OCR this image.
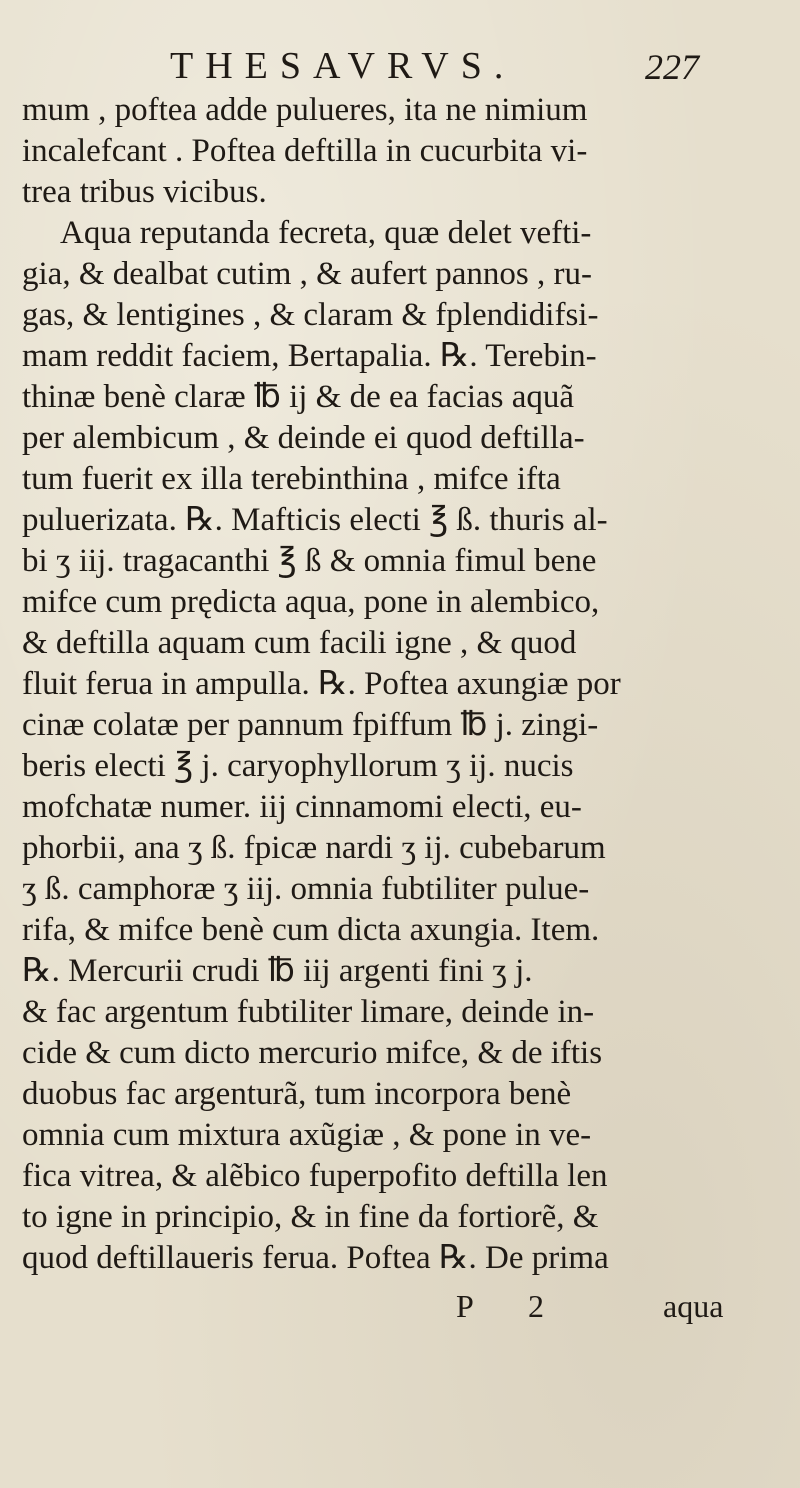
THESAVRVS.	227
mum , poftea adde pulueres, ita ne nimium
incalefcant . Poftea deftilla in cucurbita vi-
trea tribus vicibus.
Aqua reputanda fecreta, quæ delet vefti-
gia, & dealbat cutim , & aufert pannos , ru-
gas, & lentigines , & claram & fplendidifsi-
mam reddit faciem, Bertapalia. ℞. Terebin-
thinæ benè claræ ℔ ij & de ea facias aquã
per alembicum , & deinde ei quod deftilla-
tum fuerit ex illa terebinthina , mifce ifta
puluerizata. ℞. Mafticis electi ℥ ß. thuris al-
bi ʒ iij. tragacanthi ℥ ß & omnia fimul bene
mifce cum prędicta aqua, pone in alembico,
& deftilla aquam cum facili igne , & quod
fluit ferua in ampulla. ℞. Poftea axungiæ por
cinæ colatæ per pannum fpiffum ℔ j. zingi-
beris electi ℥ j. caryophyllorum ʒ ij. nucis
mofchatæ numer. iij cinnamomi electi, eu-
phorbii, ana ʒ ß. fpicæ nardi ʒ ij. cubebarum
ʒ ß. camphoræ ʒ iij. omnia fubtiliter pulue-
rifa, & mifce benè cum dicta axungia. Item.
℞. Mercurii crudi ℔ iij argenti fini ʒ j.
& fac argentum fubtiliter limare, deinde in-
cide & cum dicto mercurio mifce, & de iftis
duobus fac argenturã, tum incorpora benè
omnia cum mixtura axũgiæ , & pone in ve-
fica vitrea, & alẽbico fuperpofito deftilla len
to igne in principio, & in fine da fortiorẽ, &
quod deftillaueris ferua. Poftea ℞. De prima
P 2	aqua
